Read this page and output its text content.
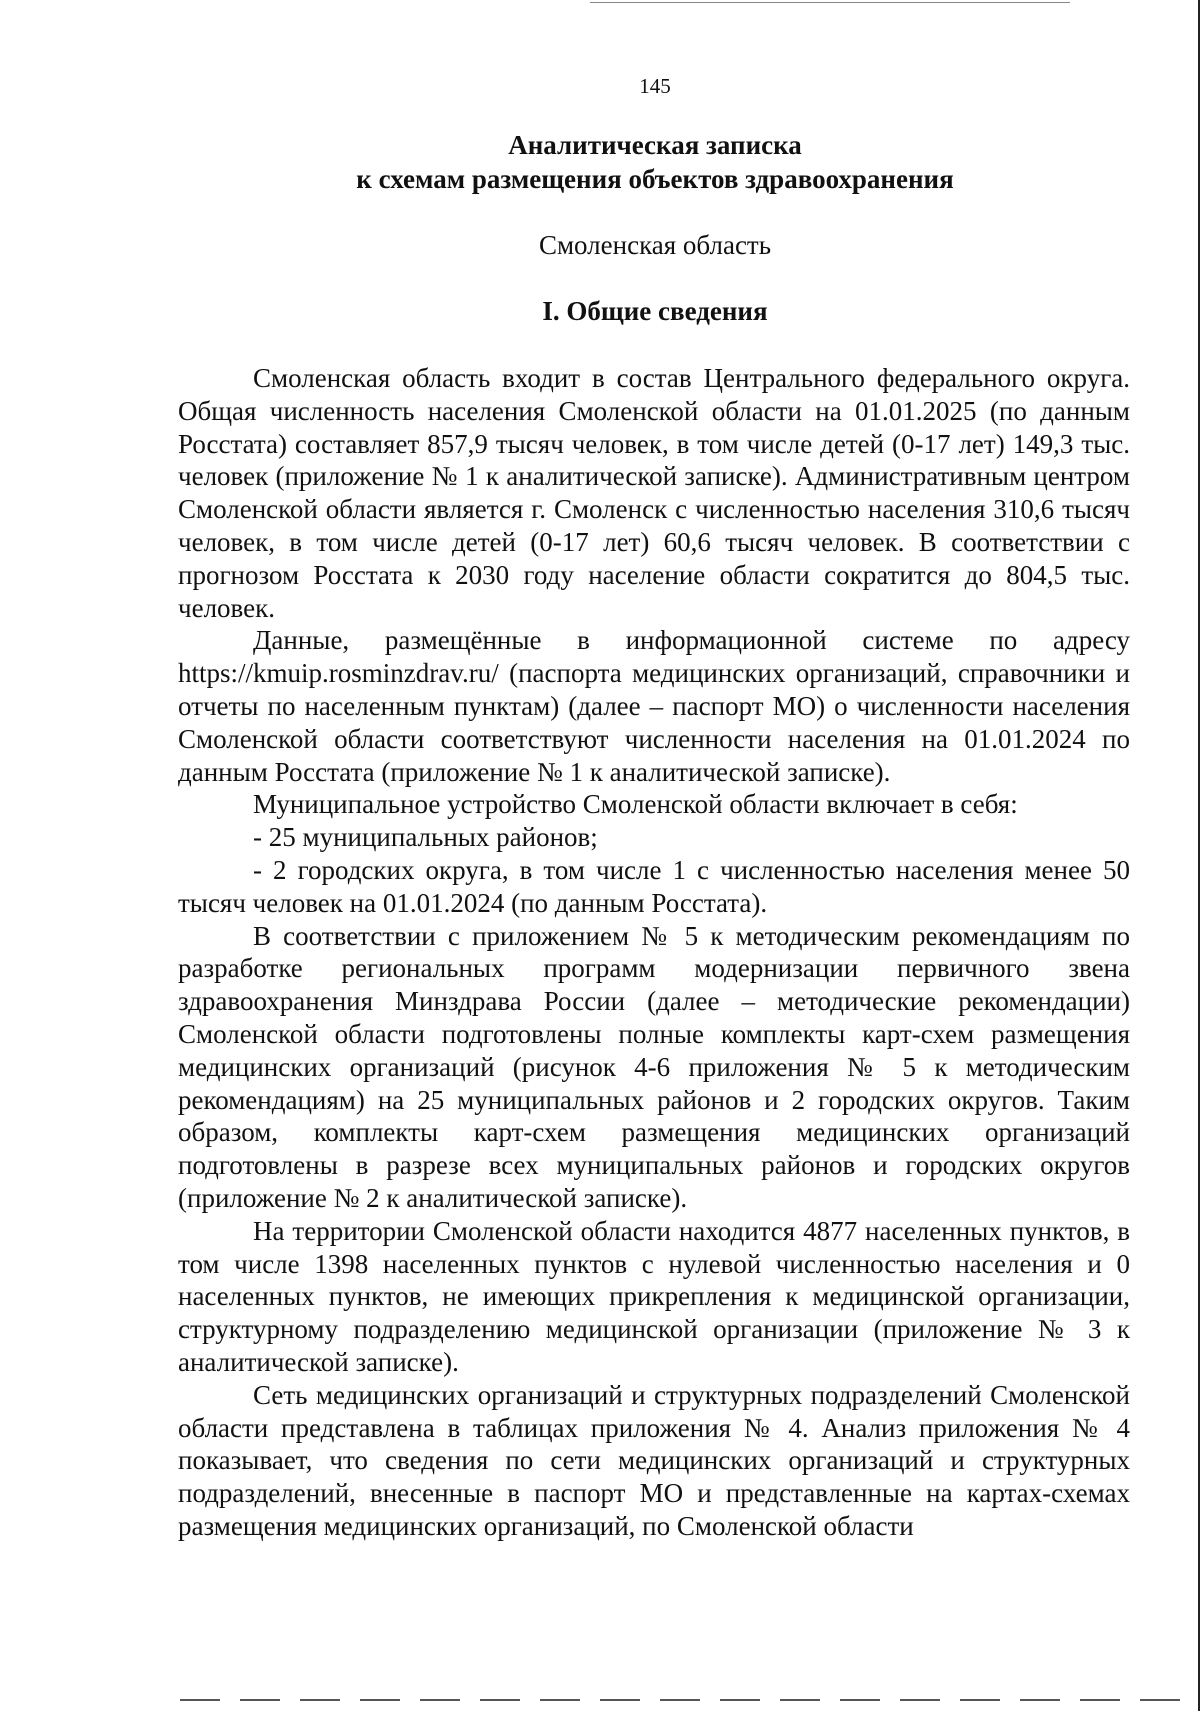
145
Аналитическая записка
к схемам размещения объектов здравоохранения
Смоленская область
I. Общие сведения

Смоленская область входит в состав Центрального федерального округа. Общая численность населения Смоленской области на 01.01.2025 (по данным Росстата) составляет 857,9 тысяч человек, в том числе детей (0-17 лет) 149,3 тыс. человек (приложение № 1 к аналитической записке). Административным центром Смоленской области является г. Смоленск с численностью населения 310,6 тысяч человек, в том числе детей (0-17 лет) 60,6 тысяч человек. В соответствии с прогнозом Росстата к 2030 году население области сократится до 804,5 тыс. человек.

Данные, размещённые в информационной системе по адресу https://kmuip.rosminzdrav.ru/ (паспорта медицинских организаций, справочники и отчеты по населенным пунктам) (далее – паспорт МО) о численности населения Смоленской области соответствуют численности населения на 01.01.2024 по данным Росстата (приложение № 1 к аналитической записке).

Муниципальное устройство Смоленской области включает в себя:

- 25 муниципальных районов;

- 2 городских округа, в том числе 1 с численностью населения менее 50 тысяч человек на 01.01.2024 (по данным Росстата).

В соответствии с приложением № 5 к методическим рекомендациям по разработке региональных программ модернизации первичного звена здравоохранения Минздрава России (далее – методические рекомендации) Смоленской области подготовлены полные комплекты карт-схем размещения медицинских организаций (рисунок 4-6 приложения № 5 к методическим рекомендациям) на 25 муниципальных районов и 2 городских округов. Таким образом, комплекты карт-схем размещения медицинских организаций подготовлены в разрезе всех муниципальных районов и городских округов (приложение № 2 к аналитической записке).

На территории Смоленской области находится 4877 населенных пунктов, в том числе 1398 населенных пунктов с нулевой численностью населения и 0 населенных пунктов, не имеющих прикрепления к медицинской организации, структурному подразделению медицинской организации (приложение № 3 к аналитической записке).

Сеть медицинских организаций и структурных подразделений Смоленской области представлена в таблицах приложения № 4. Анализ приложения № 4 показывает, что сведения по сети медицинских организаций и структурных подразделений, внесенные в паспорт МО и представленные на картах-схемах размещения медицинских организаций, по Смоленской области
